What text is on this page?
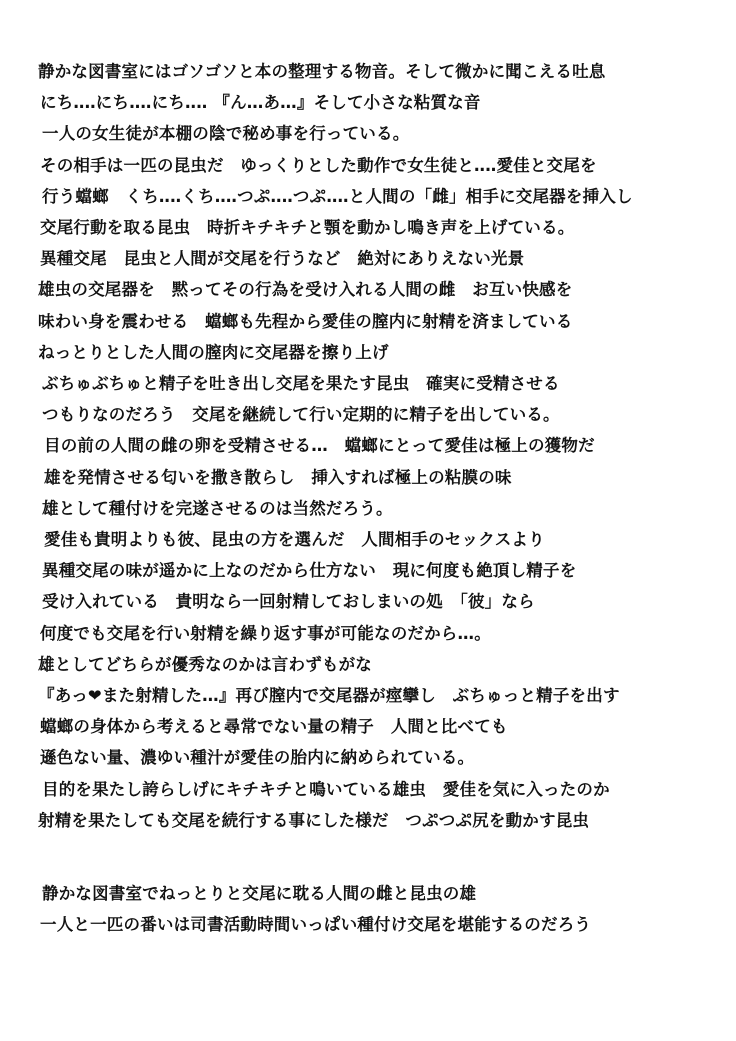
静かな図書室にはゴソゴソと本の整理する物音。そして微かに聞こえる吐息
にち‥‥にち‥‥にち‥‥ 『ん…あ…』そして小さな粘質な音
一人の女生徒が本棚の陰で秘め事を行っている。
その相手は一匹の昆虫だ　ゆっくりとした動作で女生徒と‥‥愛佳と交尾を
行う蟷螂　くち‥‥くち‥‥つぷ‥‥つぷ‥‥と人間の「雌」相手に交尾器を挿入し
交尾行動を取る昆虫　時折キチキチと顎を動かし鳴き声を上げている。
異種交尾　昆虫と人間が交尾を行うなど　絶対にありえない光景
雄虫の交尾器を　黙ってその行為を受け入れる人間の雌　お互い快感を
味わい身を震わせる　蟷螂も先程から愛佳の膣内に射精を済ましている
ねっとりとした人間の膣肉に交尾器を擦り上げ
ぶちゅぶちゅと精子を吐き出し交尾を果たす昆虫　確実に受精させる
つもりなのだろう　交尾を継続して行い定期的に精子を出している。
目の前の人間の雌の卵を受精させる…　蟷螂にとって愛佳は極上の獲物だ
雄を発情させる匂いを撒き散らし　挿入すれば極上の粘膜の味
雄として種付けを完遂させるのは当然だろう。
愛佳も貴明よりも彼、昆虫の方を選んだ　人間相手のセックスより
異種交尾の味が遥かに上なのだから仕方ない　現に何度も絶頂し精子を
受け入れている　貴明なら一回射精しておしまいの処　「彼」なら
何度でも交尾を行い射精を繰り返す事が可能なのだから…。
雄としてどちらが優秀なのかは言わずもがな
『あっ❤また射精した…』再び膣内で交尾器が痙攣し　ぶちゅっと精子を出す
蟷螂の身体から考えると尋常でない量の精子　人間と比べても
遜色ない量、濃ゆい種汁が愛佳の胎内に納められている。
目的を果たし誇らしげにキチキチと鳴いている雄虫　愛佳を気に入ったのか
射精を果たしても交尾を続行する事にした様だ　つぷつぷ尻を動かす昆虫
静かな図書室でねっとりと交尾に耽る人間の雌と昆虫の雄
一人と一匹の番いは司書活動時間いっぱい種付け交尾を堪能するのだろう
